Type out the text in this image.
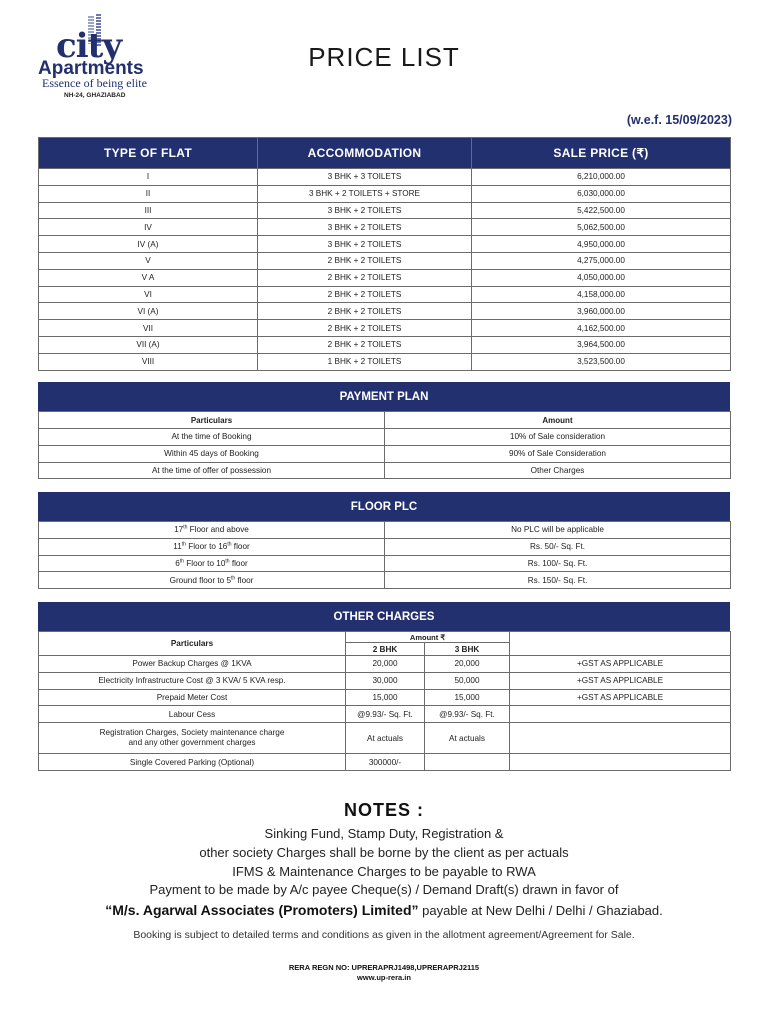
city
Apartments
Essence of being elite
NH-24, GHAZIABAD
PRICE LIST
(w.e.f. 15/09/2023)
TYPE OF FLAT	ACCOMMODATION	SALE PRICE (₹)
I	3 BHK + 3 TOILETS	6,210,000.00
II	3 BHK + 2 TOILETS + STORE	6,030,000.00
III	3 BHK + 2 TOILETS	5,422,500.00
IV	3 BHK + 2 TOILETS	5,062,500.00
IV (A)	3 BHK + 2 TOILETS	4,950,000.00
V	2 BHK + 2 TOILETS	4,275,000.00
V A	2 BHK + 2 TOILETS	4,050,000.00
VI	2 BHK + 2 TOILETS	4,158,000.00
VI (A)	2 BHK + 2 TOILETS	3,960,000.00
VII	2 BHK + 2 TOILETS	4,162,500.00
VII (A)	2 BHK + 2 TOILETS	3,964,500.00
VIII	1 BHK + 2 TOILETS	3,523,500.00
PAYMENT PLAN
Particulars	Amount
At the time of Booking	10% of Sale consideration
Within 45 days of Booking	90% of Sale Consideration
At the time of offer of possession	Other Charges
FLOOR PLC
17th Floor and above	No PLC will be applicable
11th Floor to 16th floor	Rs. 50/- Sq. Ft.
6th Floor to 10th floor	Rs. 100/- Sq. Ft.
Ground floor to 5th floor	Rs. 150/- Sq. Ft.
OTHER CHARGES
Particulars	Amount ₹		
	2 BHK	3 BHK	
Power Backup Charges @ 1KVA	20,000	20,000	+GST AS APPLICABLE
Electricity Infrastructure Cost @ 3 KVA/ 5 KVA resp.	30,000	50,000	+GST AS APPLICABLE
Prepaid Meter Cost	15,000	15,000	+GST AS APPLICABLE
Labour Cess	@9.93/- Sq. Ft.	@9.93/- Sq. Ft.	
Registration Charges, Society maintenance charge
and any other government charges	At actuals	At actuals	
Single Covered Parking (Optional)	300000/-		
NOTES :
Sinking Fund, Stamp Duty, Registration &
other society Charges shall be borne by the client as per actuals
IFMS & Maintenance Charges to be payable to RWA
Payment to be made by A/c payee Cheque(s) / Demand Draft(s) drawn in favor of
“M/s. Agarwal Associates (Promoters) Limited” payable at New Delhi / Delhi / Ghaziabad.
Booking is subject to detailed terms and conditions as given in the allotment agreement/Agreement for Sale.
RERA REGN NO: UPRERAPRJ1498,UPRERAPRJ2115
www.up-rera.in
